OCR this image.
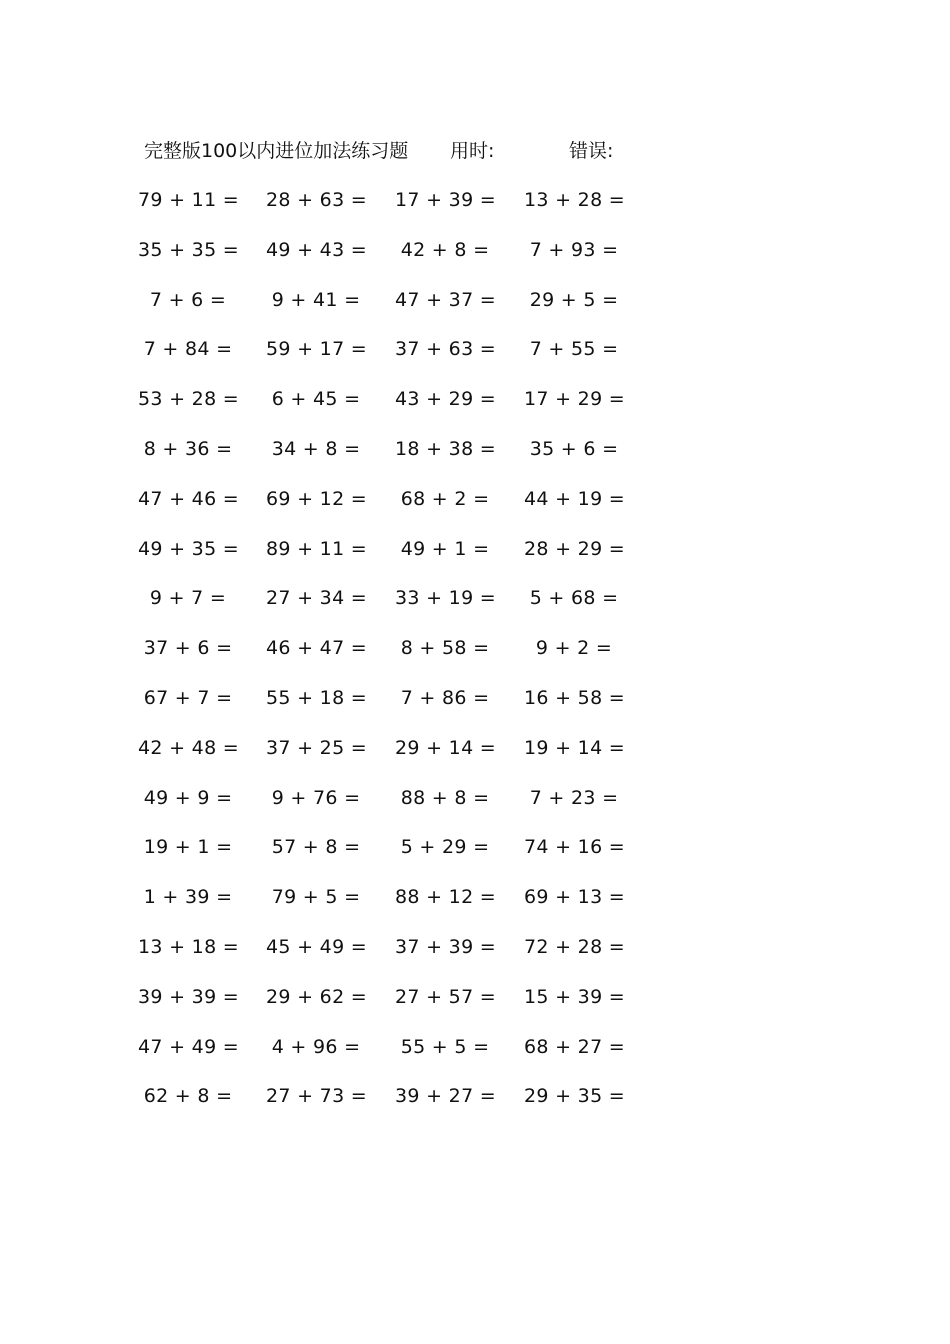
完整版100以内进位加法练习题 用时:	错误:
79 + 11 = 28 + 63 = 17 + 39 = 13 + 28 =
35 + 35 = 49 + 43 = 42 + 8 = 7 + 93 =
7 + 6 =	9 + 41 = 47 + 37 = 29 + 5 =
7 + 84 = 59 + 17 = 37 + 63 = 7 + 55 =
53 + 28 = 6 + 45 = 43 + 29 = 17 + 29 =
8 + 36 = 34 + 8 = 18 + 38 = 35 + 6 =
47 + 46 = 69 + 12 = 68 + 2 = 44 + 19 =
49 + 35 = 89 + 11 = 49 + 1 = 28 + 29 =
9 + 7 =	27 + 34 = 33 + 19 = 5 + 68 =
37 + 6 = 46 + 47 = 8 + 58 =	9 + 2 =
67 + 7 = 55 + 18 = 7 + 86 = 16 + 58 =
42 + 48 = 37 + 25 = 29 + 14 = 19 + 14 =
49 + 9 = 9 + 76 = 88 + 8 = 7 + 23 =
19 + 1 = 57 + 8 = 5 + 29 = 74 + 16 =
1 + 39 = 79 + 5 = 88 + 12 = 69 + 13 =
13 + 18 = 45 + 49 = 37 + 39 = 72 + 28 =
39 + 39 = 29 + 62 = 27 + 57 = 15 + 39 =
47 + 49 = 4 + 96 = 55 + 5 = 68 + 27 =
62 + 8 = 27 + 73 = 39 + 27 = 29 + 35 =
